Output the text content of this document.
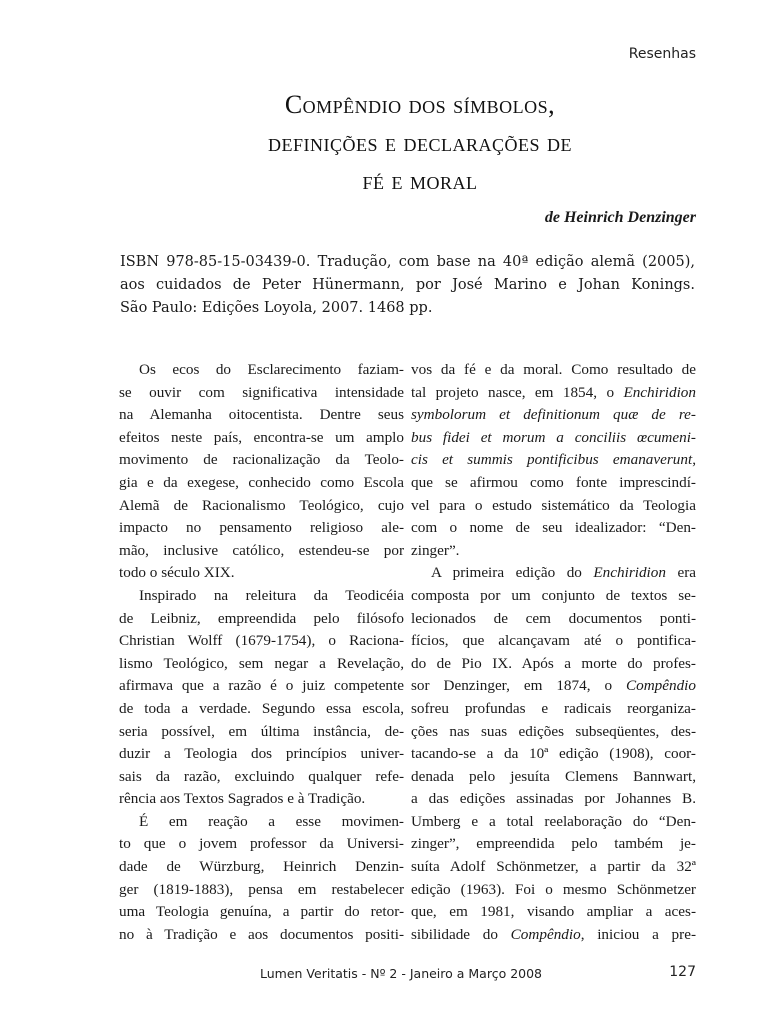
Resenhas
Compêndio dos símbolos,
definições e declarações de
fé e moral
de Heinrich Denzinger
ISBN 978-85-15-03439-0. Tradução, com base na 40ª edição alemã (2005),
aos cuidados de Peter Hünermann, por José Marino e Johan Konings.
São Paulo: Edições Loyola, 2007. 1468 pp.
Os ecos do Esclarecimento faziam-
se ouvir com significativa intensidade
na Alemanha oitocentista. Dentre seus
efeitos neste país, encontra-se um amplo
movimento de racionalização da Teolo-
gia e da exegese, conhecido como Escola
Alemã de Racionalismo Teológico, cujo
impacto no pensamento religioso ale-
mão, inclusive católico, estendeu-se por
todo o século XIX.
Inspirado na releitura da Teodicéia
de Leibniz, empreendida pelo filósofo
Christian Wolff (1679-1754), o Raciona-
lismo Teológico, sem negar a Revelação,
afirmava que a razão é o juiz competente
de toda a verdade. Segundo essa escola,
seria possível, em última instância, de-
duzir a Teologia dos princípios univer-
sais da razão, excluindo qualquer refe-
rência aos Textos Sagrados e à Tradição.
É em reação a esse movimen-
to que o jovem professor da Universi-
dade de Würzburg, Heinrich Denzin-
ger (1819-1883), pensa em restabelecer
uma Teologia genuína, a partir do retor-
no à Tradição e aos documentos positi-
vos da fé e da moral. Como resultado de
tal projeto nasce, em 1854, o Enchiridion
symbolorum et definitionum quæ de re-
bus fidei et morum a conciliis œcumeni-
cis et summis pontificibus emanaverunt,
que se afirmou como fonte imprescindí-
vel para o estudo sistemático da Teologia
com o nome de seu idealizador: “Den-
zinger”.
A primeira edição do Enchiridion era
composta por um conjunto de textos se-
lecionados de cem documentos ponti-
fícios, que alcançavam até o pontifica-
do de Pio IX. Após a morte do profes-
sor Denzinger, em 1874, o Compêndio
sofreu profundas e radicais reorganiza-
ções nas suas edições subseqüentes, des-
tacando-se a da 10ª edição (1908), coor-
denada pelo jesuíta Clemens Bannwart,
a das edições assinadas por Johannes B.
Umberg e a total reelaboração do “Den-
zinger”, empreendida pelo também je-
suíta Adolf Schönmetzer, a partir da 32ª
edição (1963). Foi o mesmo Schönmetzer
que, em 1981, visando ampliar a aces-
sibilidade do Compêndio, iniciou a pre-
Lumen Veritatis - Nº 2 - Janeiro a Março 2008	127
